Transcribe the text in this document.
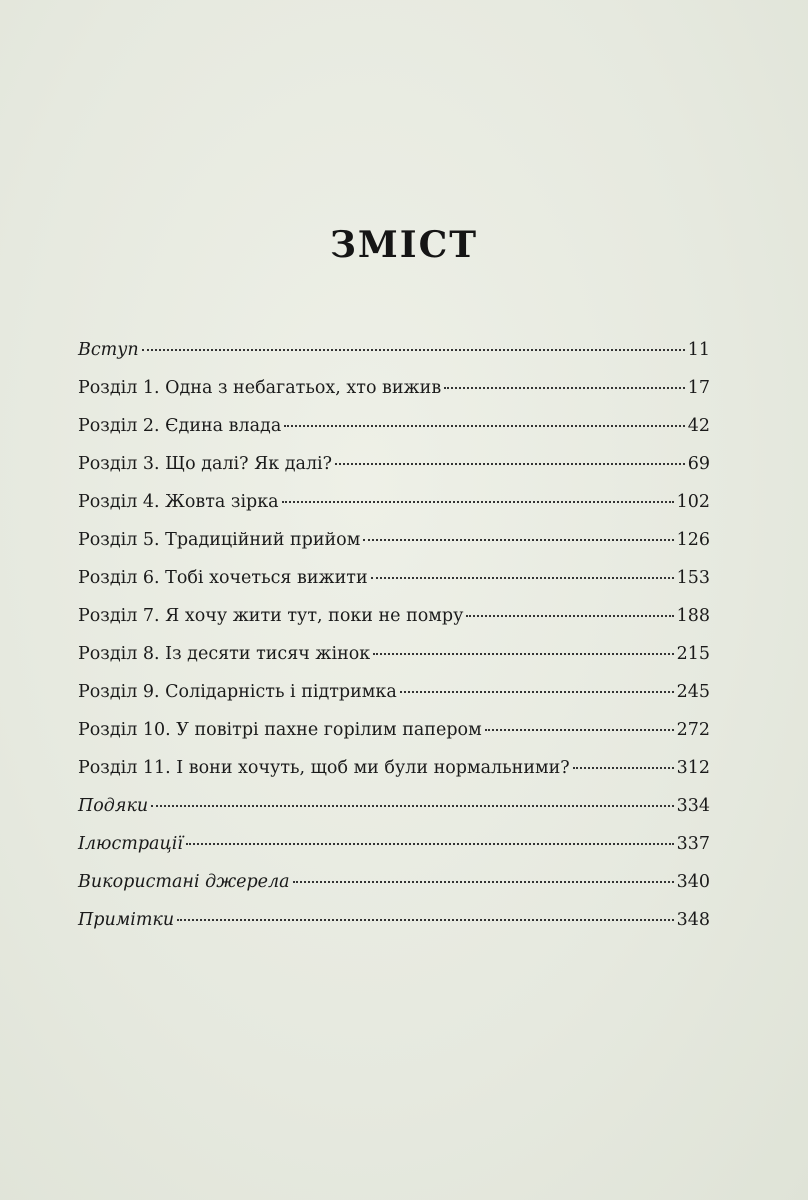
ЗМІСТ
Вступ	11
Розділ 1. Одна з небагатьох, хто вижив	17
Розділ 2. Єдина влада	42
Розділ 3. Що далі? Як далі?	69
Розділ 4. Жовта зірка	102
Розділ 5. Традиційний прийом	126
Розділ 6. Тобі хочеться вижити	153
Розділ 7. Я хочу жити тут, поки не помру	188
Розділ 8. Із десяти тисяч жінок	215
Розділ 9. Солідарність і підтримка	245
Розділ 10. У повітрі пахне горілим папером	272
Розділ 11. І вони хочуть, щоб ми були нормальними?	312
Подяки	334
Ілюстрації	337
Використані джерела	340
Примітки	348
